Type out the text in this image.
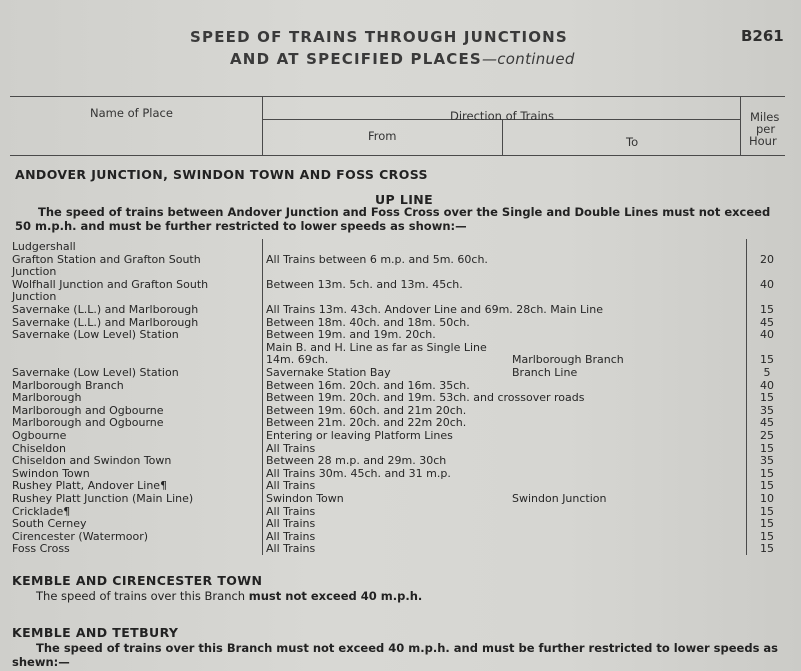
SPEED OF TRAINS THROUGH JUNCTIONS
AND AT SPECIFIED PLACES—continued
B261
Name of Place	Direction of Trains
From	To
Miles
per
Hour
ANDOVER JUNCTION, SWINDON TOWN AND FOSS CROSS
UP LINE
The speed of trains between Andover Junction and Foss Cross over the Single and Double Lines must not exceed
50 m.p.h. and must be further restricted to lower speeds as shown:—
Ludgershall
Grafton Station and Grafton South	All Trains between 6 m.p. and 5m. 60ch.	20
Junction
Wolfhall Junction and Grafton South	Between 13m. 5ch. and 13m. 45ch.	40
Junction
Savernake (L.L.) and Marlborough	All Trains 13m. 43ch. Andover Line and 69m. 28ch. Main Line	15
Savernake (L.L.) and Marlborough	Between 18m. 40ch. and 18m. 50ch.	45
Savernake (Low Level) Station	Between 19m. and 19m. 20ch.	40
Main B. and H. Line as far as Single Line
14m. 69ch.	Marlborough Branch	15
Savernake (Low Level) Station	Savernake Station Bay	Branch Line	5
Marlborough Branch	Between 16m. 20ch. and 16m. 35ch.	40
Marlborough	Between 19m. 20ch. and 19m. 53ch. and crossover roads	15
Marlborough and Ogbourne	Between 19m. 60ch. and 21m 20ch.	35
Marlborough and Ogbourne	Between 21m. 20ch. and 22m 20ch.	45
Ogbourne	Entering or leaving Platform Lines	25
Chiseldon	All Trains	15
Chiseldon and Swindon Town	Between 28 m.p. and 29m. 30ch	35
Swindon Town	All Trains 30m. 45ch. and 31 m.p.	15
Rushey Platt, Andover Line¶	All Trains	15
Rushey Platt Junction (Main Line)	Swindon Town	Swindon Junction	10
Cricklade¶	All Trains	15
South Cerney	All Trains	15
Cirencester (Watermoor)	All Trains	15
Foss Cross	All Trains	15
KEMBLE AND CIRENCESTER TOWN
The speed of trains over this Branch must not exceed 40 m.p.h.
KEMBLE AND TETBURY
The speed of trains over this Branch must not exceed 40 m.p.h. and must be further restricted to lower speeds as
shewn:—
